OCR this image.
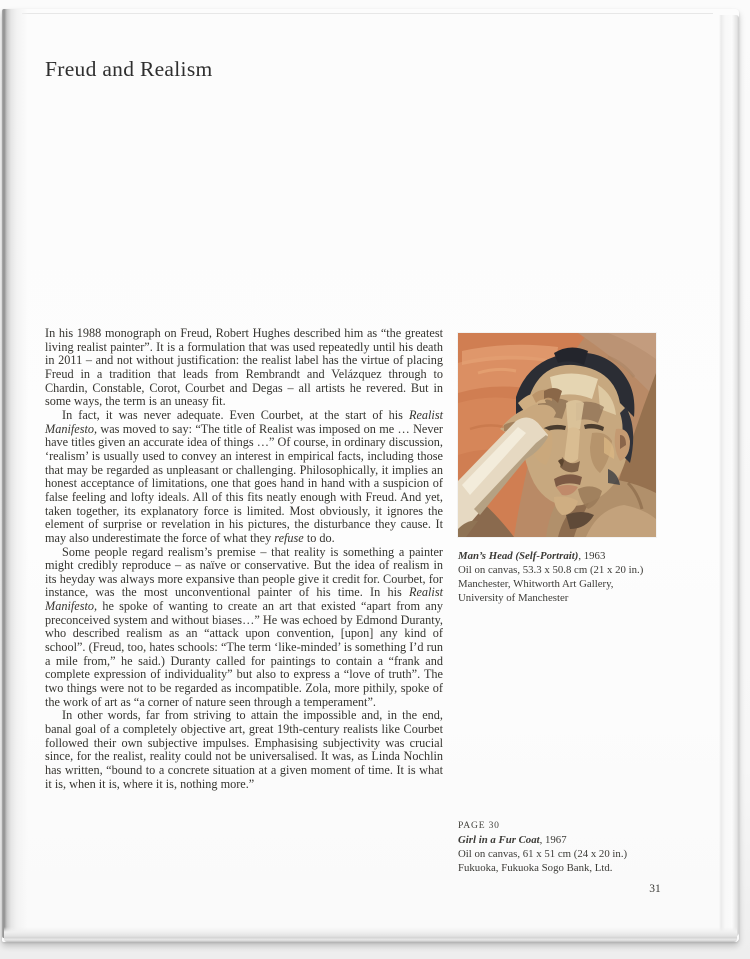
Freud and Realism

In his 1988 monograph on Freud, Robert Hughes described him as “the greatest living realist painter”. It is a formulation that was used repeatedly until his death in 2011 – and not without justification: the realist label has the virtue of placing Freud in a tradition that leads from Rembrandt and Velázquez through to Chardin, Constable, Corot, Courbet and Degas – all artists he revered. But in some ways, the term is an uneasy fit.

In fact, it was never adequate. Even Courbet, at the start of his Realist Manifesto, was moved to say: “The title of Realist was imposed on me … Never have titles given an accurate idea of things …” Of course, in ordinary discussion, ‘realism’ is usually used to convey an interest in empirical facts, including those that may be regarded as unpleasant or challenging. Philosophically, it implies an honest acceptance of limitations, one that goes hand in hand with a suspicion of false feeling and lofty ideals. All of this fits neatly enough with Freud. And yet, taken together, its explanatory force is limited. Most obviously, it ignores the element of surprise or revelation in his pictures, the disturbance they cause. It may also underestimate the force of what they refuse to do.

Some people regard realism’s premise – that reality is something a painter might credibly reproduce – as naïve or conservative. But the idea of realism in its heyday was always more expansive than people give it credit for. Courbet, for instance, was the most unconventional painter of his time. In his Realist Manifesto, he spoke of wanting to create an art that existed “apart from any preconceived system and without biases…” He was echoed by Edmond Duranty, who described realism as an “attack upon convention, [upon] any kind of school”. (Freud, too, hates schools: “The term ‘like-minded’ is something I’d run a mile from,” he said.) Duranty called for paintings to contain a “frank and complete expression of individuality” but also to express a “love of truth”. The two things were not to be regarded as incompatible. Zola, more pithily, spoke of the work of art as “a corner of nature seen through a temperament”.

In other words, far from striving to attain the impossible and, in the end, banal goal of a completely objective art, great 19th-century realists like Courbet followed their own subjective impulses. Emphasising subjectivity was crucial since, for the realist, reality could not be universalised. It was, as Linda Nochlin has written, “bound to a concrete situation at a given moment of time. It is what it is, when it is, where it is, nothing more.”

Man’s Head (Self-Portrait), 1963
Oil on canvas, 53.3 x 50.8 cm (21 x 20 in.)
Manchester, Whitworth Art Gallery,
University of Manchester
PAGE 30
Girl in a Fur Coat, 1967
Oil on canvas, 61 x 51 cm (24 x 20 in.)
Fukuoka, Fukuoka Sogo Bank, Ltd.
31
